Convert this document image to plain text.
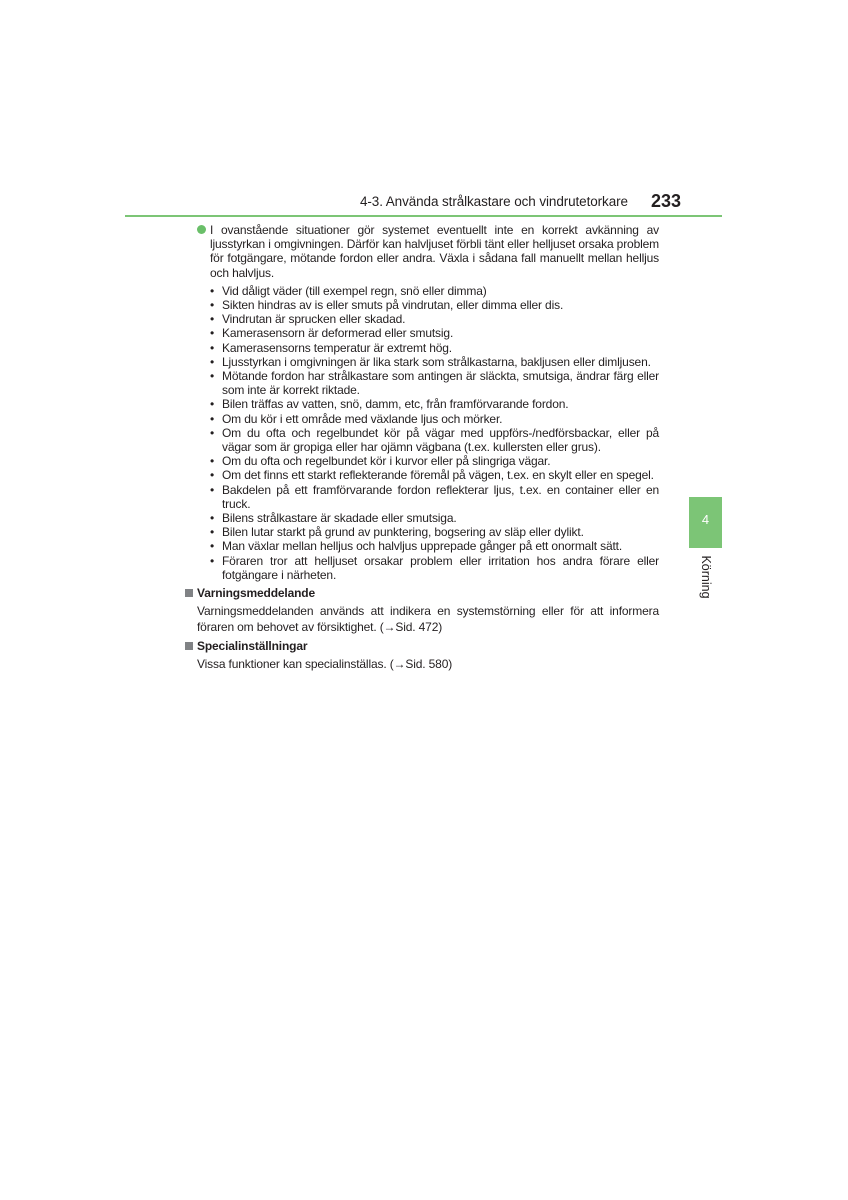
4-3. Använda strålkastare och vindrutetorkare 233
4
Körning
I ovanstående situationer gör systemet eventuellt inte en korrekt avkänning av ljusstyrkan i omgivningen. Därför kan halvljuset förbli tänt eller helljuset orsaka problem för fotgängare, mötande fordon eller andra. Växla i sådana fall manuellt mellan helljus och halvljus.
• Vid dåligt väder (till exempel regn, snö eller dimma)
• Sikten hindras av is eller smuts på vindrutan, eller dimma eller dis.
• Vindrutan är sprucken eller skadad.
• Kamerasensorn är deformerad eller smutsig.
• Kamerasensorns temperatur är extremt hög.
• Ljusstyrkan i omgivningen är lika stark som strålkastarna, bakljusen eller dimljusen.
• Mötande fordon har strålkastare som antingen är släckta, smutsiga, ändrar färg eller som inte är korrekt riktade.
• Bilen träffas av vatten, snö, damm, etc, från framförvarande fordon.
• Om du kör i ett område med växlande ljus och mörker.
• Om du ofta och regelbundet kör på vägar med uppförs-/nedförsbackar, eller på vägar som är gropiga eller har ojämn vägbana (t.ex. kullersten eller grus).
• Om du ofta och regelbundet kör i kurvor eller på slingriga vägar.
• Om det finns ett starkt reflekterande föremål på vägen, t.ex. en skylt eller en spegel.
• Bakdelen på ett framförvarande fordon reflekterar ljus, t.ex. en container eller en truck.
• Bilens strålkastare är skadade eller smutsiga.
• Bilen lutar starkt på grund av punktering, bogsering av släp eller dylikt.
• Man växlar mellan helljus och halvljus upprepade gånger på ett onormalt sätt.
• Föraren tror att helljuset orsakar problem eller irritation hos andra förare eller fotgängare i närheten.
Varningsmeddelande
Varningsmeddelanden används att indikera en systemstörning eller för att informera föraren om behovet av försiktighet. (→Sid. 472)
Specialinställningar
Vissa funktioner kan specialinställas. (→Sid. 580)
